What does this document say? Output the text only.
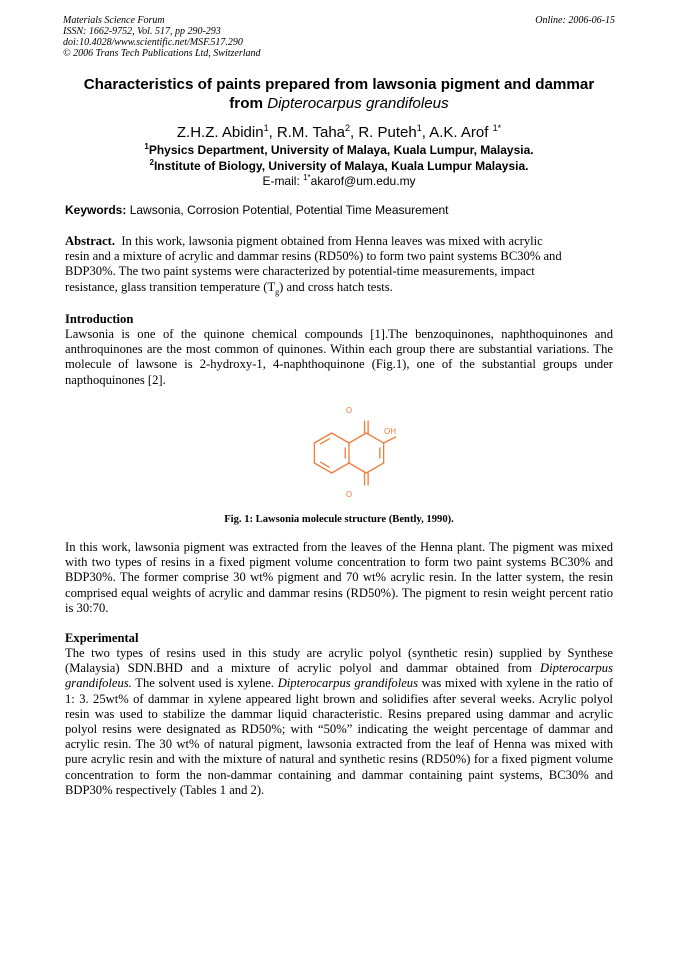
Materials Science Forum
ISSN: 1662-9752, Vol. 517, pp 290-293
doi:10.4028/www.scientific.net/MSF.517.290
© 2006 Trans Tech Publications Ltd, Switzerland
Online: 2006-06-15
Characteristics of paints prepared from lawsonia pigment and dammar
from Dipterocarpus grandifoleus
Z.H.Z. Abidin$^1$, R.M. Taha$^2$, R. Puteh$^1$, A.K. Arof $^{1*}$
$^1$Physics Department, University of Malaya, Kuala Lumpur, Malaysia.
$^2$Institute of Biology, University of Malaya, Kuala Lumpur Malaysia.
E-mail: $^{1*}$akarof@um.edu.my
Keywords: Lawsonia, Corrosion Potential, Potential Time Measurement
Abstract.  In this work, lawsonia pigment obtained from Henna leaves was mixed with acrylic
resin and a mixture of acrylic and dammar resins (RD50%) to form two paint systems BC30% and
BDP30%. The two paint systems were characterized by potential-time measurements, impact
resistance, glass transition temperature $(T_g)$ and cross hatch tests.
Introduction
Lawsonia is one of the quinone chemical compounds [1].The benzoquinones, naphthoquinones and anthroquinones are the most common of quinones. Within each group there are substantial variations. The molecule of lawsone is 2-hydroxy-1, 4-naphthoquinone (Fig.1), one of the substantial groups under napthoquinones [2].
O
OH
O
Fig. 1: Lawsonia molecule structure (Bently, 1990).
In this work, lawsonia pigment was extracted from the leaves of the Henna plant. The pigment was mixed with two types of resins in a fixed pigment volume concentration to form two paint systems BC30% and BDP30%. The former comprise 30 wt% pigment and 70 wt% acrylic resin. In the latter system, the resin comprised equal weights of acrylic and dammar resins (RD50%). The pigment to resin weight percent ratio is 30:70.
Experimental
The two types of resins used in this study are acrylic polyol (synthetic resin) supplied by Synthese (Malaysia) SDN.BHD and a mixture of acrylic polyol and dammar obtained from Dipterocarpus grandifoleus. The solvent used is xylene. Dipterocarpus grandifoleus was mixed with xylene in the ratio of 1: 3. 25wt% of dammar in xylene appeared light brown and solidifies after several weeks. Acrylic polyol resin was used to stabilize the dammar liquid characteristic. Resins prepared using dammar and acrylic polyol resins were designated as RD50%; with “50%” indicating the weight percentage of dammar and acrylic resin. The 30 wt% of natural pigment, lawsonia extracted from the leaf of Henna was mixed with pure acrylic resin and with the mixture of natural and synthetic resins (RD50%) for a fixed pigment volume concentration to form the non-dammar containing and dammar containing paint systems, BC30% and BDP30% respectively (Tables 1 and 2).
